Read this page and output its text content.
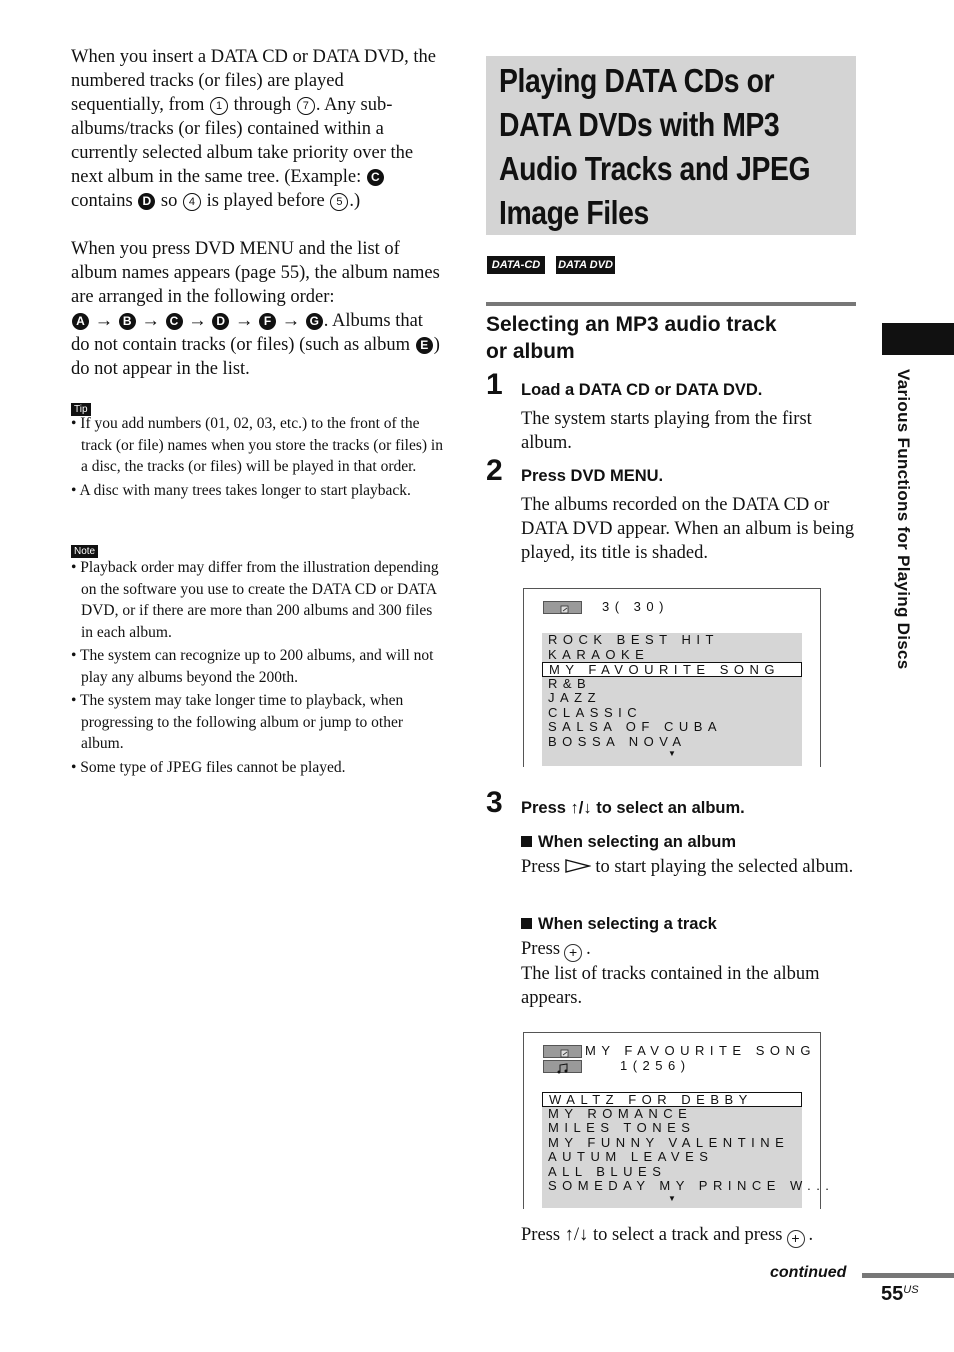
When you insert a DATA CD or DATA DVD, the numbered tracks (or files) are played sequentially, from 1 through 7 . Any sub-albums/tracks (or files) contained within a currently selected album take priority over the next album in the same tree. (Example: C contains D so 4 is played before 5 .)

When you press DVD MENU and the list of album names appears (page 55), the album names are arranged in the following order:
A → B → C → D → F → G . Albums that do not contain tracks (or files) (such as album E ) do not appear in the list.

Tip

• If you add numbers (01, 02, 03, etc.) to the front of the track (or file) names when you store the tracks (or files) in a disc, the tracks (or files) will be played in that order.

• A disc with many trees takes longer to start playback.

Note

• Playback order may differ from the illustration depending on the software you use to create the DATA CD or DATA DVD, or if there are more than 200 albums and 300 files in each album.

• The system can recognize up to 200 albums, and will not play any albums beyond the 200th.

• The system may take longer time to playback, when progressing to the following album or jump to other album.

• Some type of JPEG files cannot be played.

Playing DATA CDs or
DATA DVDs with MP3
Audio Tracks and JPEG
Image Files
DATA-CD	DATA DVD
Selecting an MP3 audio track
or album
1 Load a DATA CD or DATA DVD.
The system starts playing from the first album.
2 Press DVD MENU.
The albums recorded on the DATA CD or DATA DVD appear. When an album is being played, its title is shaded.
3( 30)
ROCK BEST HIT
KARAOKE
MY FAVOURITE SONG
R&B
JAZZ
CLASSIC
SALSA OF CUBA
BOSSA NOVA
▼
3 Press ↑/↓ to select an album.
When selecting an album
Press to start playing the selected album.
When selecting a track
Press + .
The list of tracks contained in the album appears.
MY FAVOURITE SONG
1(256)
WALTZ FOR DEBBY
MY ROMANCE
MILES TONES
MY FUNNY VALENTINE
AUTUM LEAVES
ALL BLUES
SOMEDAY MY PRINCE W...
▼
Press ↑/↓ to select a track and press + .
continued
$55^{US}$
Various Functions for Playing Discs
